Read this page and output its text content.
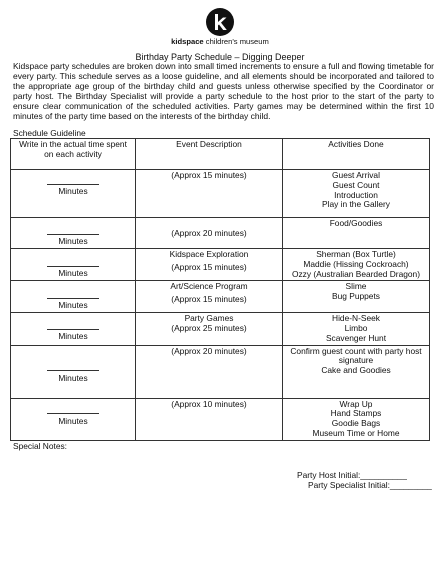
kidspace children's museum
Birthday Party Schedule – Digging Deeper
Kidspace party schedules are broken down into small timed increments to ensure a full and flowing timetable for every party. This schedule serves as a loose guideline, and all elements should be incorporated and tailored to the appropriate age group of the birthday child and guests unless otherwise specified by the Coordinator or party host. The Birthday Specialist will provide a party schedule to the host prior to the start of the party to ensure clear communication of the scheduled activities. Party games may be determined within the first 10 minutes of the party time based on the interests of the birthday child.
Schedule Guideline
Write in the actual time spent on each activity	Event Description	Activities Done

Minutes	(Approx 15 minutes)	Guest Arrival
Guest Count
Introduction
Play in the Gallery

Minutes	(Approx 20 minutes)	Food/Goodies

Minutes	Kidspace Exploration
(Approx 15 minutes)	Sherman (Box Turtle)
Maddie (Hissing Cockroach)
Ozzy (Australian Bearded Dragon)

Minutes	Art/Science Program
(Approx 15 minutes)	Slime
Bug Puppets

Minutes	Party Games
(Approx 25 minutes)	Hide-N-Seek
Limbo
Scavenger Hunt

Minutes	(Approx 20 minutes)	Confirm guest count with party host signature
Cake and Goodies

Minutes	(Approx 10 minutes)	Wrap Up
Hand Stamps
Goodie Bags
Museum Time or Home
Special Notes:
Party Host Initial:__________
Party Specialist Initial:_________
